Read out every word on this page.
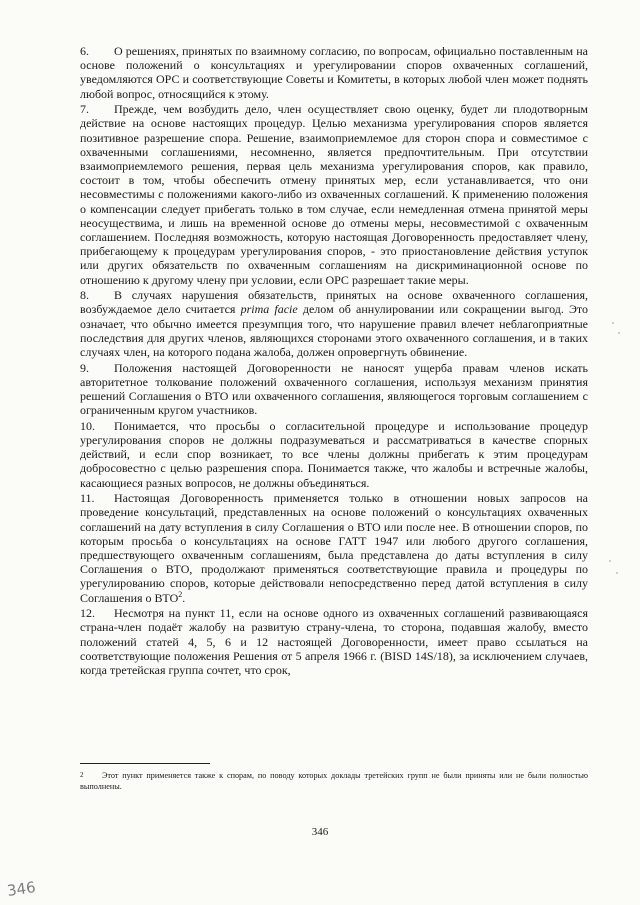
6. О решениях, принятых по взаимному согласию, по вопросам, официально поставленным на основе положений о консультациях и урегулировании споров охваченных соглашений, уведомляются ОРС и соответствующие Советы и Комитеты, в которых любой член может поднять любой вопрос, относящийся к этому.

7. Прежде, чем возбудить дело, член осуществляет свою оценку, будет ли плодотворным действие на основе настоящих процедур. Целью механизма урегулирования споров является позитивное разрешение спора. Решение, взаимоприемлемое для сторон спора и совместимое с охваченными соглашениями, несомненно, является предпочтительным. При отсутствии взаимоприемлемого решения, первая цель механизма урегулирования споров, как правило, состоит в том, чтобы обеспечить отмену принятых мер, если устанавливается, что они несовместимы с положениями какого-либо из охваченных соглашений. К применению положения о компенсации следует прибегать только в том случае, если немедленная отмена принятой меры неосуществима, и лишь на временной основе до отмены меры, несовместимой с охваченным соглашением. Последняя возможность, которую настоящая Договоренность предоставляет члену, прибегающему к процедурам урегулирования споров, - это приостановление действия уступок или других обязательств по охваченным соглашениям на дискриминационной основе по отношению к другому члену при условии, если ОРС разрешает такие меры.

8. В случаях нарушения обязательств, принятых на основе охваченного соглашения, возбуждаемое дело считается prima facie делом об аннулировании или сокращении выгод. Это означает, что обычно имеется презумпция того, что нарушение правил влечет неблагоприятные последствия для других членов, являющихся сторонами этого охваченного соглашения, и в таких случаях член, на которого подана жалоба, должен опровергнуть обвинение.

9. Положения настоящей Договоренности не наносят ущерба правам членов искать авторитетное толкование положений охваченного соглашения, используя механизм принятия решений Соглашения о ВТО или охваченного соглашения, являющегося торговым соглашением с ограниченным кругом участников.

10. Понимается, что просьбы о согласительной процедуре и использование процедур урегулирования споров не должны подразумеваться и рассматриваться в качестве спорных действий, и если спор возникает, то все члены должны прибегать к этим процедурам добросовестно с целью разрешения спора. Понимается также, что жалобы и встречные жалобы, касающиеся разных вопросов, не должны объединяться.

11. Настоящая Договоренность применяется только в отношении новых запросов на проведение консультаций, представленных на основе положений о консультациях охваченных соглашений на дату вступления в силу Соглашения о ВТО или после нее. В отношении споров, по которым просьба о консультациях на основе ГАТТ 1947 или любого другого соглашения, предшествующего охваченным соглашениям, была представлена до даты вступления в силу Соглашения о ВТО, продолжают применяться соответствующие правила и процедуры по урегулированию споров, которые действовали непосредственно перед датой вступления в силу Соглашения о ВТО$^2$.

12. Несмотря на пункт 11, если на основе одного из охваченных соглашений развивающаяся страна-член подаёт жалобу на развитую страну-члена, то сторона, подавшая жалобу, вместо положений статей 4, 5, 6 и 12 настоящей Договоренности, имеет право ссылаться на соответствующие положения Решения от 5 апреля 1966 г. (BISD 14S/18), за исключением случаев, когда третейская группа сочтет, что срок,

2 Этот пункт применяется также к спорам, по поводу которых доклады третейских групп не были приняты или не были полностью выполнены.
346
346
